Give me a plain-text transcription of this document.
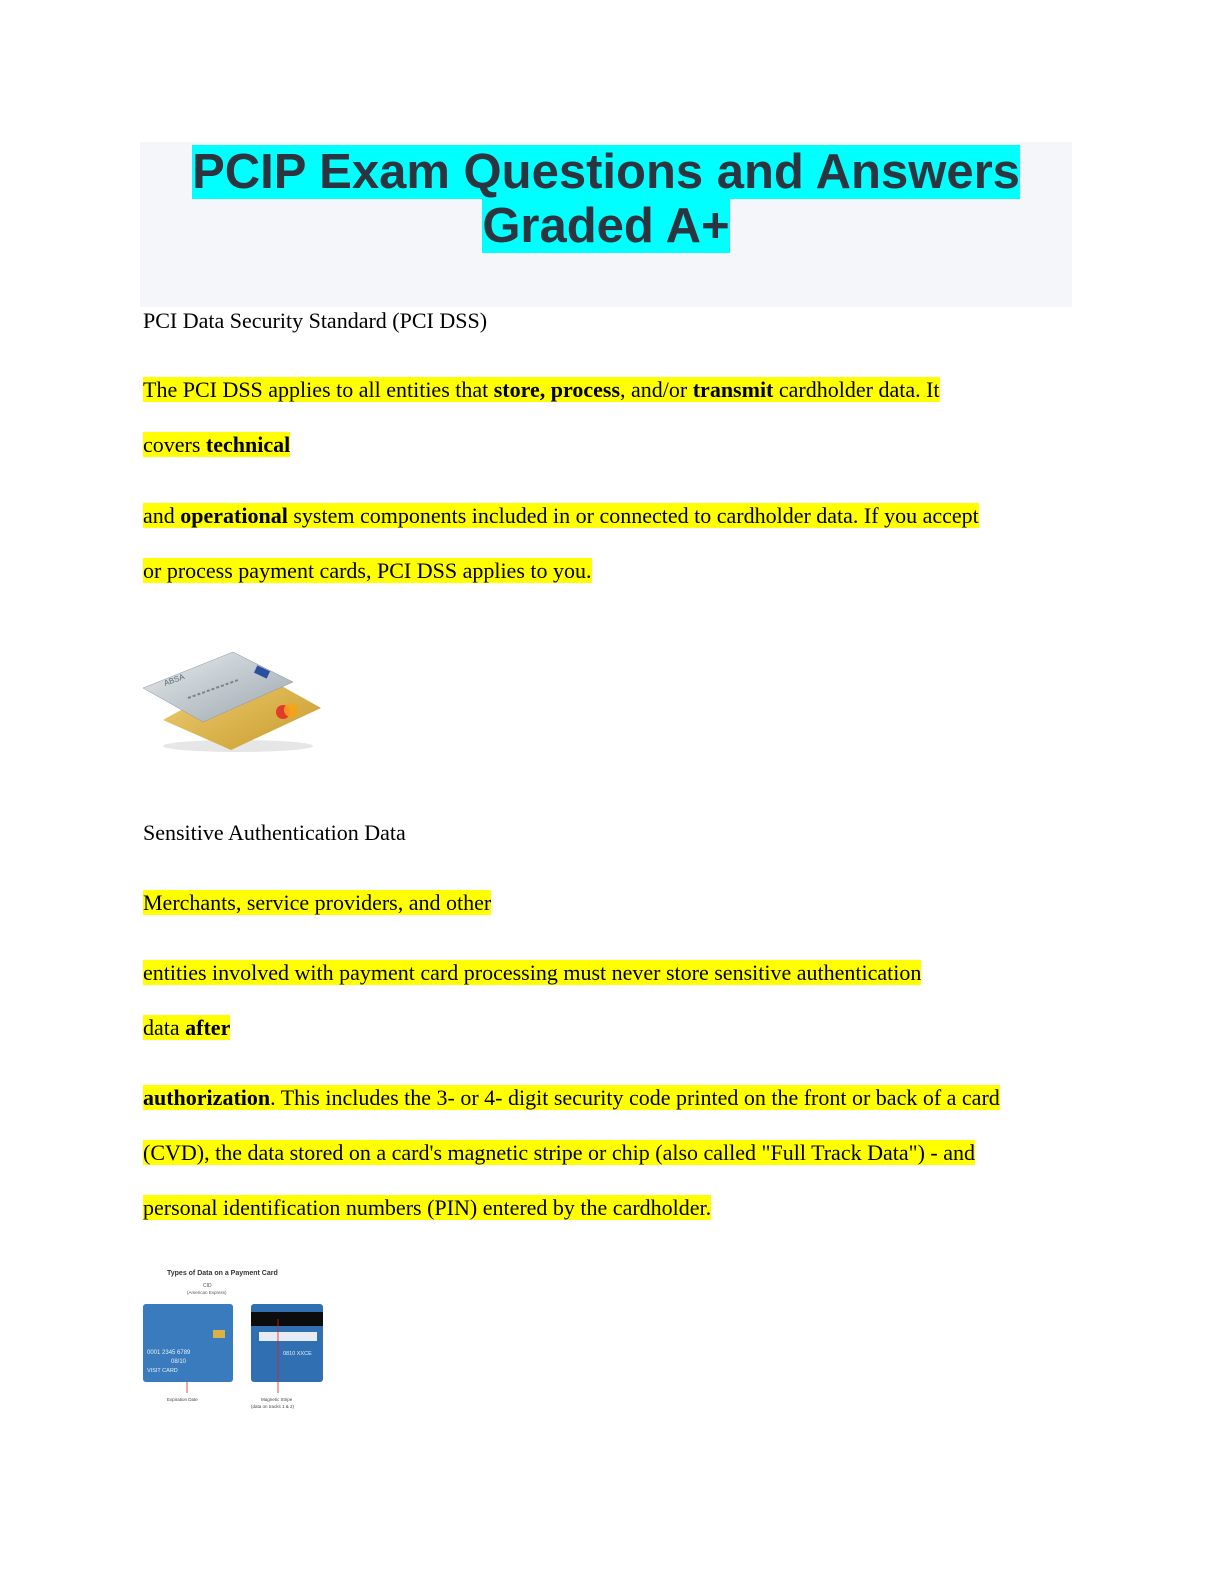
PCIP Exam Questions and Answers
Graded A+

PCI Data Security Standard (PCI DSS)

The PCI DSS applies to all entities that store, process, and/or transmit cardholder data. It

covers technical

and operational system components included in or connected to cardholder data. If you accept

or process payment cards, PCI DSS applies to you.

ABSA

Sensitive Authentication Data

Merchants, service providers, and other

entities involved with payment card processing must never store sensitive authentication

data after

authorization. This includes the 3- or 4- digit security code printed on the front or back of a card

(CVD), the data stored on a card's magnetic stripe or chip (also called "Full Track Data") - and

personal identification numbers (PIN) entered by the cardholder.

Types of Data on a Payment Card
CID
(American Express)
0001 2345 6789
08/10
VISIT CARD
0810 XXCE
Expiration Date	Magnetic Stripe
(data on tracks 1 & 2)
